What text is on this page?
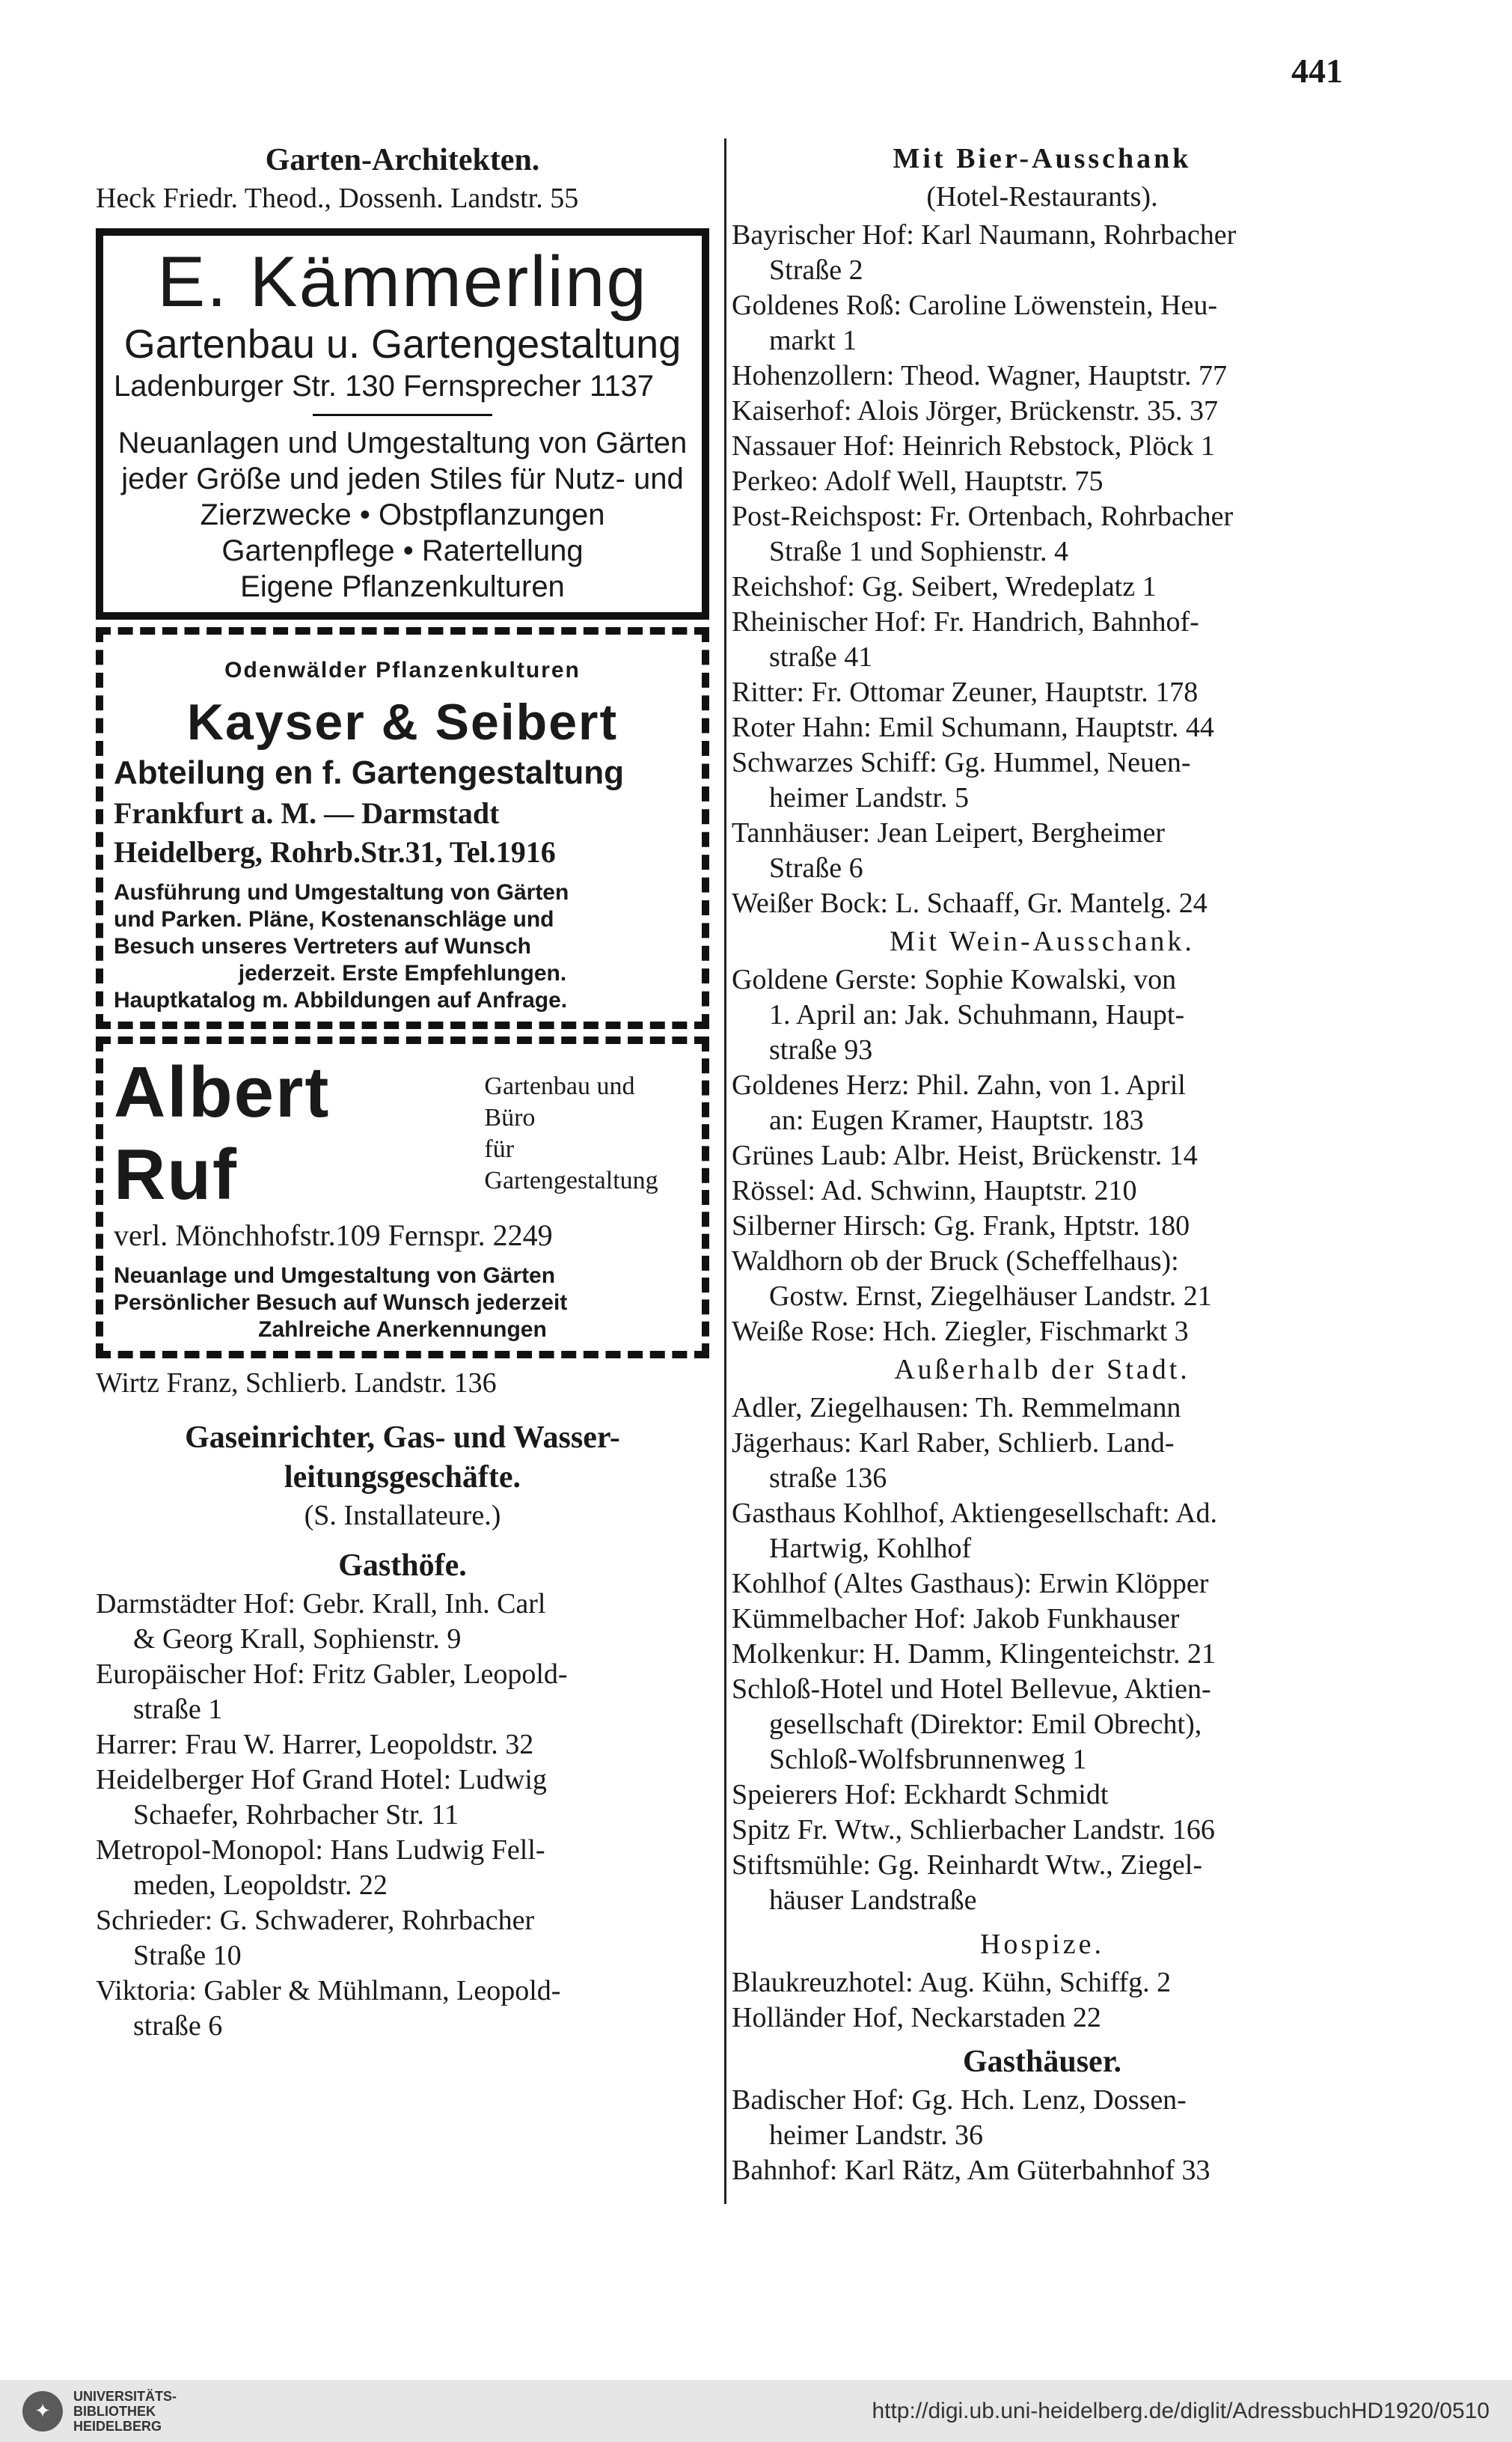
441
Garten-Architekten.
Heck Friedr. Theod., Dossenh. Landstr. 55
E. Kämmerling
Gartenbau u. Gartengestaltung
Ladenburger Str. 130 Fernsprecher 1137
Neuanlagen und Umgestaltung von Gärten
jeder Größe und jeden Stiles für Nutz- und
Zierzwecke • Obstpflanzungen
Gartenpflege • Ratertellung
Eigene Pflanzenkulturen
Odenwälder Pflanzenkulturen
Kayser & Seibert
Abteilung en f. Gartengestaltung
Frankfurt a. M. — Darmstadt
Heidelberg, Rohrb.Str.31, Tel.1916
Ausführung und Umgestaltung von Gärten
und Parken. Pläne, Kostenanschläge und
Besuch unseres Vertreters auf Wunsch
jederzeit. Erste Empfehlungen.
Hauptkatalog m. Abbildungen auf Anfrage.
Albert Ruf
Gartenbau und Büro
für Gartengestaltung
verl. Mönchhofstr.109 Fernspr. 2249
Neuanlage und Umgestaltung von Gärten
Persönlicher Besuch auf Wunsch jederzeit
Zahlreiche Anerkennungen
Wirtz Franz, Schlierb. Landstr. 136
Gaseinrichter, Gas- und Wasser-
leitungsgeschäfte.
(S. Installateure.)
Gasthöfe.
Darmstädter Hof: Gebr. Krall, Inh. Carl
& Georg Krall, Sophienstr. 9
Europäischer Hof: Fritz Gabler, Leopold-
straße 1
Harrer: Frau W. Harrer, Leopoldstr. 32
Heidelberger Hof Grand Hotel: Ludwig
Schaefer, Rohrbacher Str. 11
Metropol-Monopol: Hans Ludwig Fell-
meden, Leopoldstr. 22
Schrieder: G. Schwaderer, Rohrbacher
Straße 10
Viktoria: Gabler & Mühlmann, Leopold-
straße 6
Mit Bier-Ausschank
(Hotel-Restaurants).
Bayrischer Hof: Karl Naumann, Rohrbacher
Straße 2
Goldenes Roß: Caroline Löwenstein, Heu-
markt 1
Hohenzollern: Theod. Wagner, Hauptstr. 77
Kaiserhof: Alois Jörger, Brückenstr. 35. 37
Nassauer Hof: Heinrich Rebstock, Plöck 1
Perkeo: Adolf Well, Hauptstr. 75
Post-Reichspost: Fr. Ortenbach, Rohrbacher
Straße 1 und Sophienstr. 4
Reichshof: Gg. Seibert, Wredeplatz 1
Rheinischer Hof: Fr. Handrich, Bahnhof-
straße 41
Ritter: Fr. Ottomar Zeuner, Hauptstr. 178
Roter Hahn: Emil Schumann, Hauptstr. 44
Schwarzes Schiff: Gg. Hummel, Neuen-
heimer Landstr. 5
Tannhäuser: Jean Leipert, Bergheimer
Straße 6
Weißer Bock: L. Schaaff, Gr. Mantelg. 24
Mit Wein-Ausschank.
Goldene Gerste: Sophie Kowalski, von
1. April an: Jak. Schuhmann, Haupt-
straße 93
Goldenes Herz: Phil. Zahn, von 1. April
an: Eugen Kramer, Hauptstr. 183
Grünes Laub: Albr. Heist, Brückenstr. 14
Rössel: Ad. Schwinn, Hauptstr. 210
Silberner Hirsch: Gg. Frank, Hptstr. 180
Waldhorn ob der Bruck (Scheffelhaus):
Gostw. Ernst, Ziegelhäuser Landstr. 21
Weiße Rose: Hch. Ziegler, Fischmarkt 3
Außerhalb der Stadt.
Adler, Ziegelhausen: Th. Remmelmann
Jägerhaus: Karl Raber, Schlierb. Land-
straße 136
Gasthaus Kohlhof, Aktiengesellschaft: Ad.
Hartwig, Kohlhof
Kohlhof (Altes Gasthaus): Erwin Klöpper
Kümmelbacher Hof: Jakob Funkhauser
Molkenkur: H. Damm, Klingenteichstr. 21
Schloß-Hotel und Hotel Bellevue, Aktien-
gesellschaft (Direktor: Emil Obrecht),
Schloß-Wolfsbrunnenweg 1
Speierers Hof: Eckhardt Schmidt
Spitz Fr. Wtw., Schlierbacher Landstr. 166
Stiftsmühle: Gg. Reinhardt Wtw., Ziegel-
häuser Landstraße
Hospize.
Blaukreuzhotel: Aug. Kühn, Schiffg. 2
Holländer Hof, Neckarstaden 22
Gasthäuser.
Badischer Hof: Gg. Hch. Lenz, Dossen-
heimer Landstr. 36
Bahnhof: Karl Rätz, Am Güterbahnhof 33
✦
UNIVERSITÄTS-
BIBLIOTHEK
HEIDELBERG
http://digi.ub.uni-heidelberg.de/diglit/AdressbuchHD1920/0510
